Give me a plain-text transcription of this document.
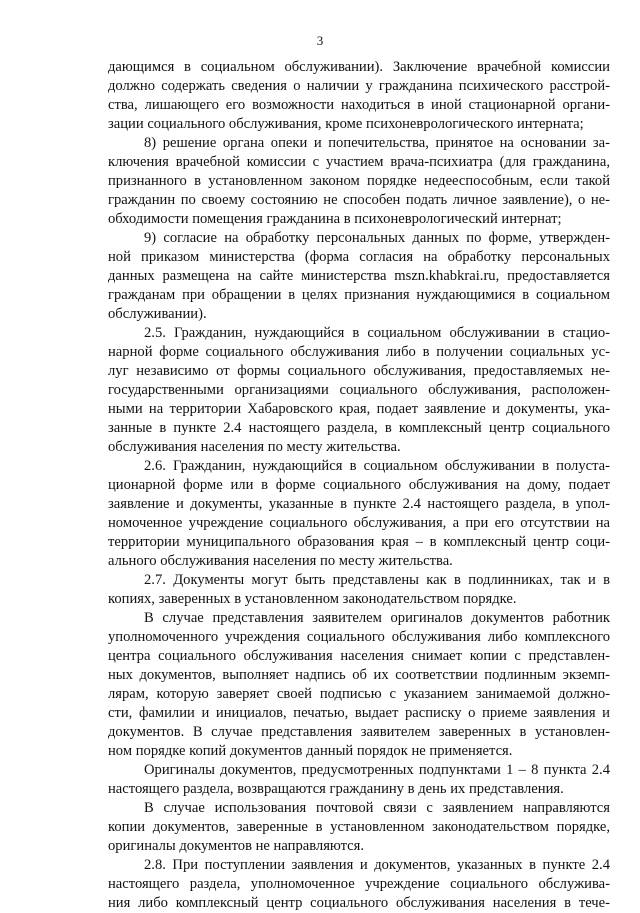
3
дающимся в социальном обслуживании). Заключение врачебной комиссии
должно содержать сведения о наличии у гражданина психического расстрой-
ства, лишающего его возможности находиться в иной стационарной органи-
зации социального обслуживания, кроме психоневрологического интерната;
8) решение органа опеки и попечительства, принятое на основании за-
ключения врачебной комиссии с участием врача-психиатра (для гражданина,
признанного в установленном законом порядке недееспособным, если такой
гражданин по своему состоянию не способен подать личное заявление), о не-
обходимости помещения гражданина в психоневрологический интернат;
9) согласие на обработку персональных данных по форме, утвержден-
ной приказом министерства (форма согласия на обработку персональных
данных размещена на сайте министерства mszn.khabkrai.ru, предоставляется
гражданам при обращении в целях признания нуждающимися в социальном
обслуживании).
2.5. Гражданин, нуждающийся в социальном обслуживании в стацио-
нарной форме социального обслуживания либо в получении социальных ус-
луг независимо от формы социального обслуживания, предоставляемых не-
государственными организациями социального обслуживания, расположен-
ными на территории Хабаровского края, подает заявление и документы, ука-
занные в пункте 2.4 настоящего раздела, в комплексный центр социального
обслуживания населения по месту жительства.
2.6. Гражданин, нуждающийся в социальном обслуживании в полуста-
ционарной форме или в форме социального обслуживания на дому, подает
заявление и документы, указанные в пункте 2.4 настоящего раздела, в упол-
номоченное учреждение социального обслуживания, а при его отсутствии на
территории муниципального образования края – в комплексный центр соци-
ального обслуживания населения по месту жительства.
2.7. Документы могут быть представлены как в подлинниках, так и в
копиях, заверенных в установленном законодательством порядке.
В случае представления заявителем оригиналов документов работник
уполномоченного учреждения социального обслуживания либо комплексного
центра социального обслуживания населения снимает копии с представлен-
ных документов, выполняет надпись об их соответствии подлинным экземп-
лярам, которую заверяет своей подписью с указанием занимаемой должно-
сти, фамилии и инициалов, печатью, выдает расписку о приеме заявления и
документов. В случае представления заявителем заверенных в установлен-
ном порядке копий документов данный порядок не применяется.
Оригиналы документов, предусмотренных подпунктами 1 – 8 пункта 2.4
настоящего раздела, возвращаются гражданину в день их представления.
В случае использования почтовой связи с заявлением направляются
копии документов, заверенные в установленном законодательством порядке,
оригиналы документов не направляются.
2.8. При поступлении заявления и документов, указанных в пункте 2.4
настоящего раздела, уполномоченное учреждение социального обслужива-
ния либо комплексный центр социального обслуживания населения в тече-
